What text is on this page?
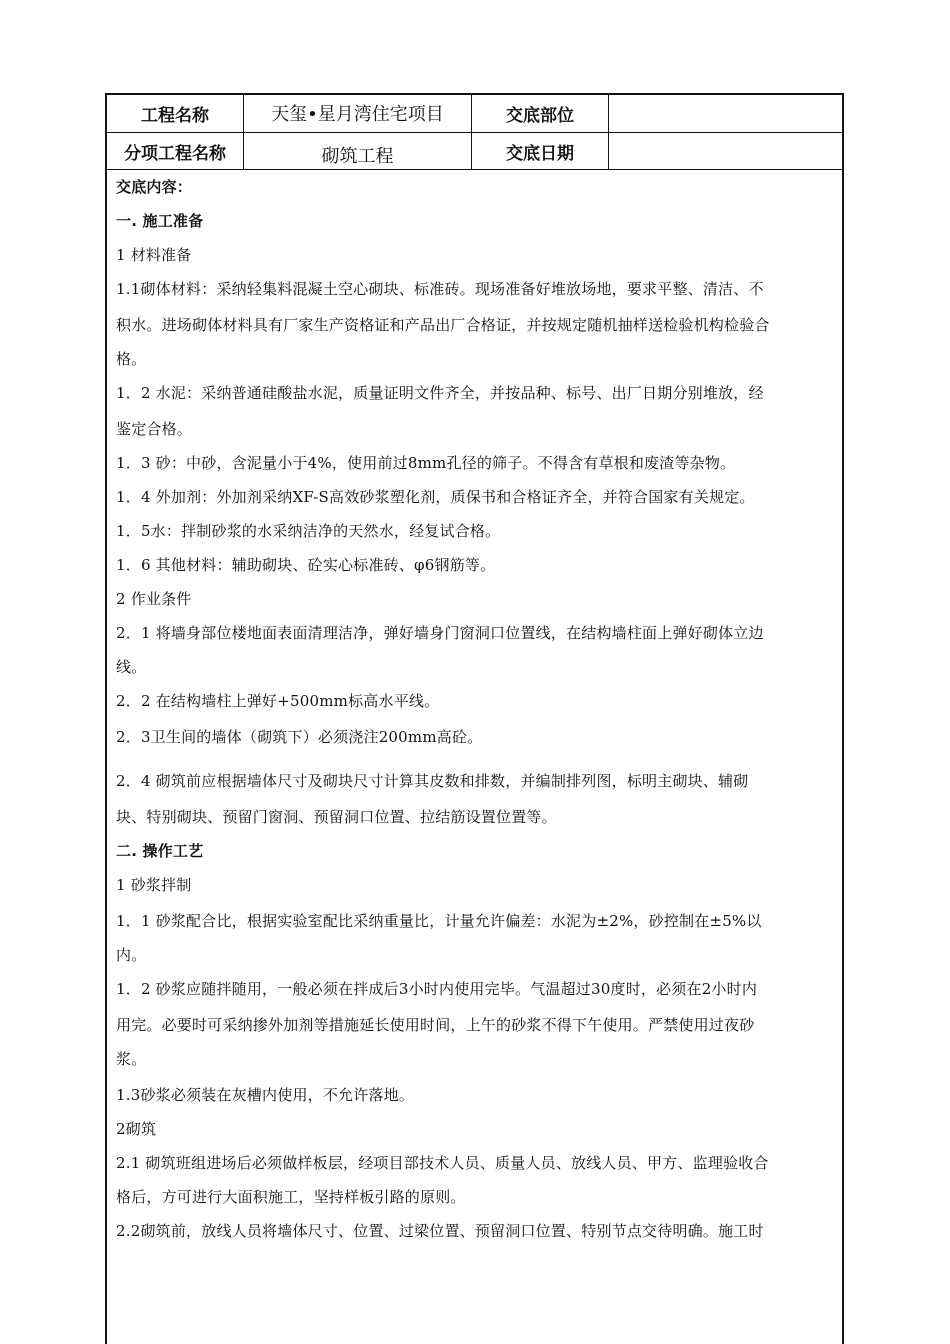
工程名称	天玺•星月湾住宅项目	交底部位
分项工程名称	砌筑工程	交底日期
交底内容：
一. 施工准备
1 材料准备
1.1砌体材料：采纳轻集料混凝土空心砌块、标准砖。现场准备好堆放场地，要求平整、清洁、不
积水。进场砌体材料具有厂家生产资格证和产品出厂合格证，并按规定随机抽样送检验机构检验合
格。
1．2 水泥：采纳普通硅酸盐水泥，质量证明文件齐全，并按品种、标号、出厂日期分别堆放，经
鉴定合格。
1．3 砂：中砂，含泥量小于4%，使用前过8mm孔径的筛子。不得含有草根和废渣等杂物。
1．4 外加剂：外加剂采纳XF-S高效砂浆塑化剂，质保书和合格证齐全，并符合国家有关规定。
1．5水：拌制砂浆的水采纳洁净的天然水，经复试合格。
1．6 其他材料：辅助砌块、砼实心标准砖、φ6钢筋等。
2 作业条件
2．1 将墙身部位楼地面表面清理洁净，弹好墙身门窗洞口位置线，在结构墙柱面上弹好砌体立边
线。
2．2 在结构墙柱上弹好+500mm标高水平线。
2．3卫生间的墙体（砌筑下）必须浇注200mm高砼。
2．4 砌筑前应根据墙体尺寸及砌块尺寸计算其皮数和排数，并编制排列图，标明主砌块、辅砌
块、特别砌块、预留门窗洞、预留洞口位置、拉结筋设置位置等。
二. 操作工艺
1 砂浆拌制
1．1 砂浆配合比，根据实验室配比采纳重量比，计量允许偏差：水泥为±2%，砂控制在±5%以
内。
1．2 砂浆应随拌随用，一般必须在拌成后3小时内使用完毕。气温超过30度时，必须在2小时内
用完。必要时可采纳掺外加剂等措施延长使用时间，上午的砂浆不得下午使用。严禁使用过夜砂
浆。
1.3砂浆必须装在灰槽内使用，不允许落地。
2砌筑
2.1 砌筑班组进场后必须做样板层，经项目部技术人员、质量人员、放线人员、甲方、监理验收合
格后，方可进行大面积施工，坚持样板引路的原则。
2.2砌筑前，放线人员将墙体尺寸、位置、过梁位置、预留洞口位置、特别节点交待明确。施工时
